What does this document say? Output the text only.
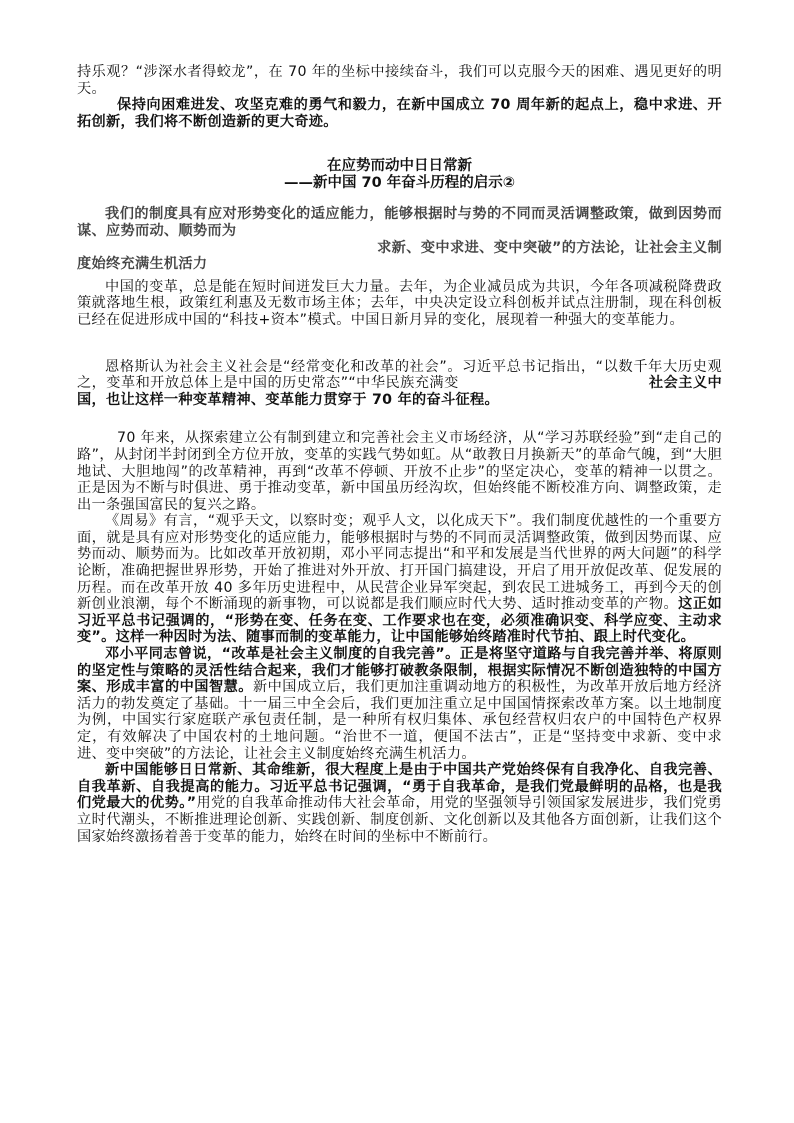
持乐观？“涉深水者得蛟龙”，在 70 年的坐标中接续奋斗，我们可以克服今天的困难、遇见更好的明天。

保持向困难进发、攻坚克难的勇气和毅力，在新中国成立 70 周年新的起点上，稳中求进、开拓创新，我们将不断创造新的更大奇迹。

在应势而动中日日常新
——新中国 70 年奋斗历程的启示②

我们的制度具有应对形势变化的适应能力，能够根据时与势的不同而灵活调整政策，做到因势而谋、应势而动、顺势而为
求新、变中求进、变中突破”的方法论，让社会主义制度始终充满生机活力

中国的变革，总是能在短时间迸发巨大力量。去年，为企业减员成为共识，今年各项减税降费政策就落地生根，政策红利惠及无数市场主体；去年，中央决定设立科创板并试点注册制，现在科创板已经在促进形成中国的“科技+资本”模式。中国日新月异的变化，展现着一种强大的变革能力。

恩格斯认为社会主义社会是“经常变化和改革的社会”。习近平总书记指出，“以数千年大历史观之，变革和开放总体上是中国的历史常态”“中华民族充满变	社会主义中国，也让这样一种变革精神、变革能力贯穿于 70 年的奋斗征程。

70 年来，从探索建立公有制到建立和完善社会主义市场经济，从“学习苏联经验”到“走自己的路”，从封闭半封闭到全方位开放，变革的实践气势如虹。从“敢教日月换新天”的革命气魄，到“大胆地试、大胆地闯”的改革精神，再到“改革不停顿、开放不止步”的坚定决心，变革的精神一以贯之。正是因为不断与时俱进、勇于推动变革，新中国虽历经沟坎，但始终能不断校准方向、调整政策，走出一条强国富民的复兴之路。

《周易》有言，“观乎天文，以察时变；观乎人文，以化成天下”。我们制度优越性的一个重要方面，就是具有应对形势变化的适应能力，能够根据时与势的不同而灵活调整政策，做到因势而谋、应势而动、顺势而为。比如改革开放初期，邓小平同志提出“和平和发展是当代世界的两大问题”的科学论断，准确把握世界形势，开始了推进对外开放、打开国门搞建设，开启了用开放促改革、促发展的历程。而在改革开放 40 多年历史进程中，从民营企业异军突起，到农民工进城务工，再到今天的创新创业浪潮，每个不断涌现的新事物，可以说都是我们顺应时代大势、适时推动变革的产物。这正如习近平总书记强调的，“形势在变、任务在变、工作要求也在变，必须准确识变、科学应变、主动求变”。这样一种因时为法、随事而制的变革能力，让中国能够始终踏准时代节拍、跟上时代变化。

邓小平同志曾说，“改革是社会主义制度的自我完善”。正是将坚守道路与自我完善并举、将原则的坚定性与策略的灵活性结合起来，我们才能够打破教条限制，根据实际情况不断创造独特的中国方案、形成丰富的中国智慧。新中国成立后，我们更加注重调动地方的积极性，为改革开放后地方经济活力的勃发奠定了基础。十一届三中全会后，我们更加注重立足中国国情探索改革方案。以土地制度为例，中国实行家庭联产承包责任制，是一种所有权归集体、承包经营权归农户的中国特色产权界定，有效解决了中国农村的土地问题。“治世不一道，便国不法古”，正是“坚持变中求新、变中求进、变中突破”的方法论，让社会主义制度始终充满生机活力。

新中国能够日日常新、其命维新，很大程度上是由于中国共产党始终保有自我净化、自我完善、自我革新、自我提高的能力。习近平总书记强调，“勇于自我革命，是我们党最鲜明的品格，也是我们党最大的优势。”用党的自我革命推动伟大社会革命，用党的坚强领导引领国家发展进步，我们党勇立时代潮头，不断推进理论创新、实践创新、制度创新、文化创新以及其他各方面创新，让我们这个国家始终激扬着善于变革的能力，始终在时间的坐标中不断前行。
